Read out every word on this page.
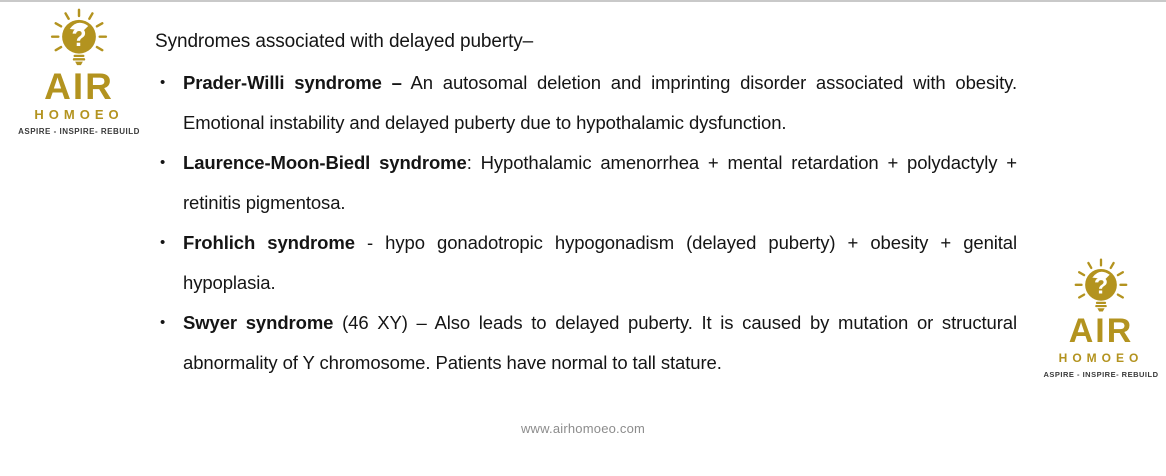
?
AIR
HOMOEO
ASPIRE - INSPIRE- REBUILD
Syndromes associated with delayed puberty–
• Prader-Willi syndrome – An autosomal deletion and imprinting disorder associated with obesity. Emotional instability and delayed puberty due to hypothalamic dysfunction.
• Laurence-Moon-Biedl syndrome: Hypothalamic amenorrhea + mental retardation + polydactyly + retinitis pigmentosa.
• Frohlich syndrome - hypo gonadotropic hypogonadism (delayed puberty) + obesity + genital hypoplasia.
• Swyer syndrome (46 XY) – Also leads to delayed puberty. It is caused by mutation or structural abnormality of Y chromosome. Patients have normal to tall stature.
?
AIR
HOMOEO
ASPIRE - INSPIRE- REBUILD
www.airhomoeo.com
